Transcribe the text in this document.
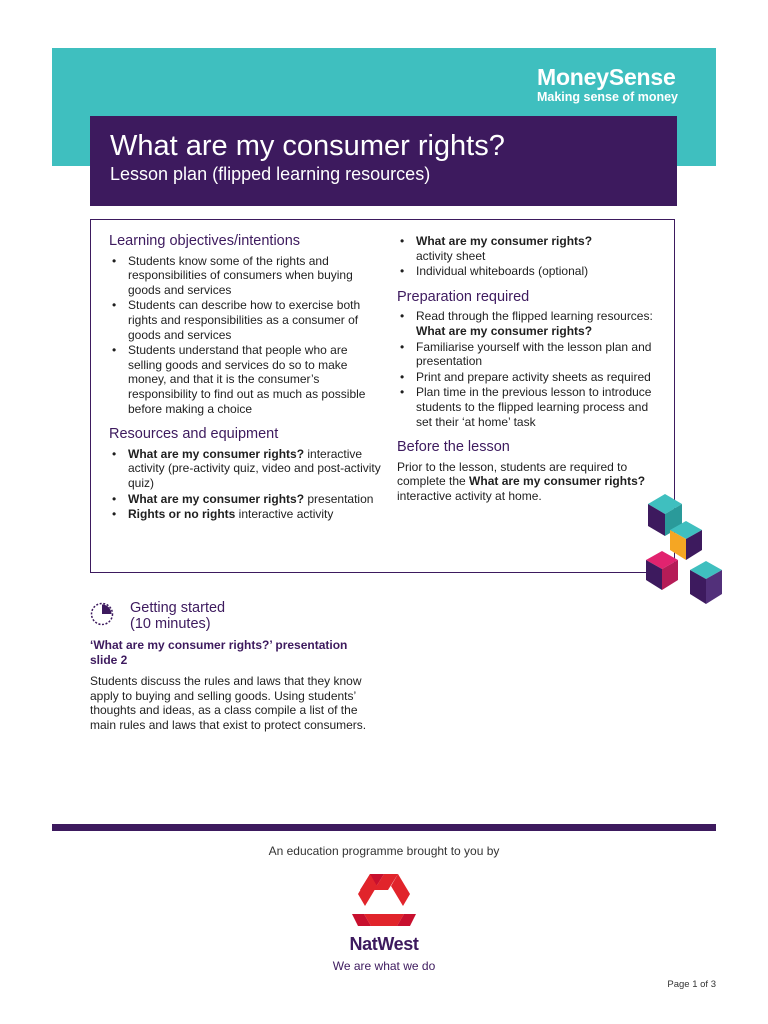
MoneySense
Making sense of money
What are my consumer rights?
Lesson plan (flipped learning resources)
Learning objectives/intentions
• Students know some of the rights and responsibilities of consumers when buying goods and services
• Students can describe how to exercise both rights and responsibilities as a consumer of goods and services
• Students understand that people who are selling goods and services do so to make money, and that it is the consumer’s responsibility to find out as much as possible before making a choice
Resources and equipment
• What are my consumer rights? interactive activity (pre-activity quiz, video and post-activity quiz)
• What are my consumer rights? presentation
• Rights or no rights interactive activity
• What are my consumer rights?
activity sheet
• Individual whiteboards (optional)
Preparation required
• Read through the flipped learning resources: What are my consumer rights?
• Familiarise yourself with the lesson plan and presentation
• Print and prepare activity sheets as required
• Plan time in the previous lesson to introduce students to the flipped learning process and set their ‘at home’ task
Before the lesson
Prior to the lesson, students are required to complete the What are my consumer rights? interactive activity at home.
Getting started
(10 minutes)
‘What are my consumer rights?’ presentation slide 2
Students discuss the rules and laws that they know apply to buying and selling goods. Using students’ thoughts and ideas, as a class compile a list of the main rules and laws that exist to protect consumers.
An education programme brought to you by
NatWest
We are what we do
Page 1 of 3
